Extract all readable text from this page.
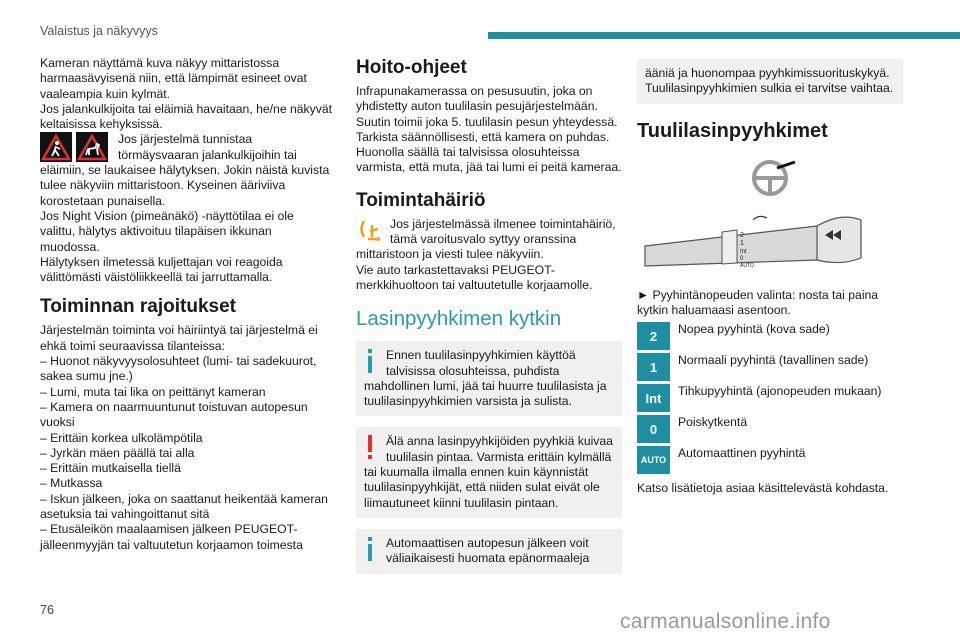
Valaistus ja näkyvyys

Kameran näyttämä kuva näkyy mittaristossa harmaasävyisenä niin, että lämpimät esineet ovat vaaleampia kuin kylmät.

Jos jalankulkijoita tai eläimiä havaitaan, he/ne näkyvät keltaisissa kehyksissä.

Jos järjestelmä tunnistaa törmäysvaaran jalankulkijoihin tai eläimiin, se laukaisee hälytyksen. Jokin näistä kuvista tulee näkyviin mittaristoon. Kyseinen ääriviiva korostetaan punaisella.

Jos Night Vision (pimeänäkö) -näyttötilaa ei ole valittu, hälytys aktivoituu tilapäisen ikkunan muodossa.

Hälytyksen ilmetessä kuljettajan voi reagoida välittömästi väistöliikkeellä tai jarruttamalla.

Toiminnan rajoitukset

Järjestelmän toiminta voi häiriintyä tai järjestelmä ei ehkä toimi seuraavissa tilanteissa:

– Huonot näkyvyysolosuhteet (lumi- tai sadekuurot, sakea sumu jne.)

– Lumi, muta tai lika on peittänyt kameran

– Kamera on naarmuuntunut toistuvan autopesun vuoksi

– Erittäin korkea ulkolämpötila

– Jyrkän mäen päällä tai alla

– Erittäin mutkaisella tiellä

– Mutkassa

– Iskun jälkeen, joka on saattanut heikentää kameran asetuksia tai vahingoittanut sitä

– Etusäleikön maalaamisen jälkeen PEUGEOT-jälleenmyyjän tai valtuutetun korjaamon toimesta

Hoito-ohjeet

Infrapunakamerassa on pesusuutin, joka on yhdistetty auton tuulilasin pesujärjestelmään. Suutin toimii joka 5. tuulilasin pesun yhteydessä. Tarkista säännöllisesti, että kamera on puhdas. Huonolla säällä tai talvisissa olosuhteissa varmista, että muta, jää tai lumi ei peitä kameraa.

Toimintahäiriö

Jos järjestelmässä ilmenee toimintahäiriö, tämä varoitusvalo syttyy oranssina mittaristoon ja viesti tulee näkyviin.

Vie auto tarkastettavaksi PEUGEOT-merkkihuoltoon tai valtuutetulle korjaamolle.

Lasinpyyhkimen kytkin

Ennen tuulilasinpyyhkimien käyttöä talvisissa olosuhteissa, puhdista mahdollinen lumi, jää tai huurre tuulilasista ja tuulilasinpyyhkimien varsista ja sulista.

Älä anna lasinpyyhkijöiden pyyhkiä kuivaa tuulilasin pintaa. Varmista erittäin kylmällä tai kuumalla ilmalla ennen kuin käynnistät tuulilasinpyyhkijät, että niiden sulat eivät ole liimautuneet kiinni tuulilasin pintaan.

Automaattisen autopesun jälkeen voit väliaikaisesti huomata epänormaaleja

ääniä ja huonompaa pyyhkimissuorituskykyä. Tuulilasinpyyhkimien sulkia ei tarvitse vaihtaa.

Tuulilasinpyyhkimet
2
1
Int
0
AUTO

► Pyyhintänopeuden valinta: nosta tai paina kytkin haluamaasi asentoon.

2	Nopea pyyhintä (kova sade)
1	Normaali pyyhintä (tavallinen sade)
Int	Tihkupyyhintä (ajonopeuden mukaan)
0	Poiskytkentä
AUTO Automaattinen pyyhintä

Katso lisätietoja asiaa käsittelevästä kohdasta.

76	carmanualsonline.info
